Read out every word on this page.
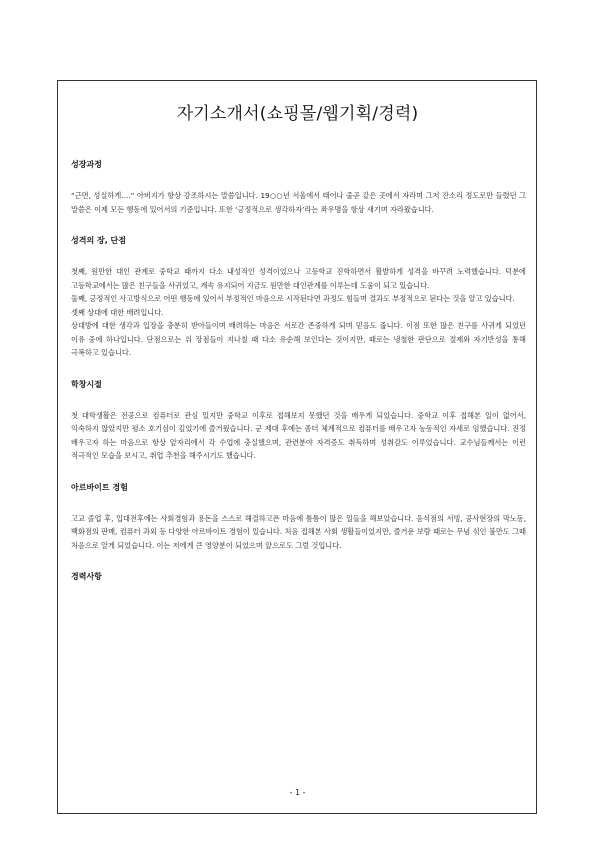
자기소개서(쇼핑몰/웹기획/경력)
성장과정

“근면, 성실하게….” 아버지가 항상 강조하시는 말씀입니다. 19○○년 서울에서 태어나 줄곧 같은 곳에서 자라며 그저 잔소리 정도로만 들렸던 그 말씀은 이제 모든 행동에 있어서의 기준입니다. 또한 ‘긍정적으로 생각하자’라는 좌우명을 항상 새기며 자라왔습니다.

성격의 장, 단점

첫째, 원만한 대인 관계로 중학교 때까지 다소 내성적인 성격이었으나 고등학교 진학하면서 활발하게 성격을 바꾸려 노력했습니다. 덕분에 고등학교에서는 많은 친구들을 사귀었고, 계속 유지되어 지금도 원만한 대인관계를 이루는데 도움이 되고 있습니다.

둘째, 긍정적인 사고방식으로 어떤 행동에 있어서 부정적인 마음으로 시작된다면 과정도 힘들며 결과도 부정적으로 된다는 것을 알고 있습니다.

셋째 상대에 대한 배려입니다.

상대방에 대한 생각과 입장을 충분히 받아들이며 배려하는 마음은 서로간 존중하게 되며 믿음도 줍니다. 이점 또한 많은 친구를 사귀게 되었던 이유 중에 하나입니다. 단점으로는 위 장점들이 지나칠 때 다소 유순해 보인다는 것이지만, 때로는 냉철한 판단으로 절제와 자기반성을 통해 극복하고 있습니다.

학창시절

첫 대학생활은 전공으로 컴퓨터로 관심 있지만 중학교 이후로 접해보지 못했던 것을 배우게 되었습니다. 중학교 이후 접해본 일이 없어서, 익숙하지 않았지만 평소 호기심이 깊었기에 즐거웠습니다. 군 제대 후에는 좀더 체계적으로 컴퓨터를 배우고자 능동적인 자세로 임했습니다. 진정 배우고자 하는 마음으로 항상 앞자리에서 각 수업에 충실했으며, 관련분야 자격증도 취득하며 성취감도 이루었습니다. 교수님들께서는 이런 적극적인 모습을 보시고, 취업 추천을 해주시기도 했습니다.

아르바이트 경험

고교 졸업 후, 입대전후에는 사회경험과 용돈을 스스로 해결하고픈 마음에 틈틈이 많은 일들을 해보았습니다. 음식점의 서빙, 공사현장의 막노동, 백화점의 판매, 컴퓨터 과외 등 다양한 아르바이트 경험이 있습니다. 처음 접해본 사회 생활들이었지만, 즐거운 보람 때로는 무념 섞인 불만도 그때 처음으로 알게 되었습니다. 이는 저에게 큰 영양분이 되었으며 앞으로도 그럴 것입니다.

경력사항
- 1 -
